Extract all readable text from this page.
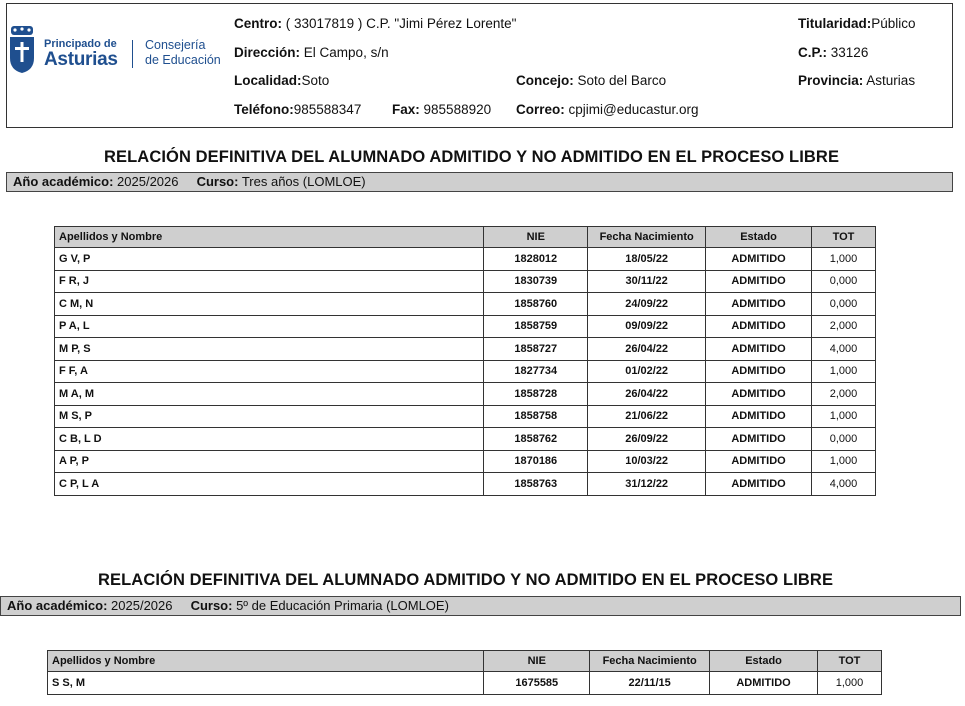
Principado de
Asturias
Consejería
de Educación
Centro: ( 33017819 ) C.P. "Jimi Pérez Lorente"
Dirección: El Campo, s/n
Localidad:Soto	Concejo: Soto del Barco
Teléfono:985588347 Fax: 985588920 Correo: cpjimi@educastur.org
Titularidad:Público
C.P.: 33126
Provincia: Asturias
RELACIÓN DEFINITIVA DEL ALUMNADO ADMITIDO Y NO ADMITIDO EN EL PROCESO LIBRE
Año académico: 2025/2026 Curso: Tres años (LOMLOE)
Apellidos y Nombre	NIE	Fecha Nacimiento	Estado	TOT
G V, P	1828012	18/05/22	ADMITIDO	1,000
F R, J	1830739	30/11/22	ADMITIDO	0,000
C M, N	1858760	24/09/22	ADMITIDO	0,000
P A, L	1858759	09/09/22	ADMITIDO	2,000
M P, S	1858727	26/04/22	ADMITIDO	4,000
F F, A	1827734	01/02/22	ADMITIDO	1,000
M A, M	1858728	26/04/22	ADMITIDO	2,000
M S, P	1858758	21/06/22	ADMITIDO	1,000
C B, L D	1858762	26/09/22	ADMITIDO	0,000
A P, P	1870186	10/03/22	ADMITIDO	1,000
C P, L A	1858763	31/12/22	ADMITIDO	4,000
RELACIÓN DEFINITIVA DEL ALUMNADO ADMITIDO Y NO ADMITIDO EN EL PROCESO LIBRE
Año académico: 2025/2026 Curso: 5º de Educación Primaria (LOMLOE)
Apellidos y Nombre	NIE	Fecha Nacimiento	Estado	TOT
S S, M	1675585	22/11/15	ADMITIDO	1,000
